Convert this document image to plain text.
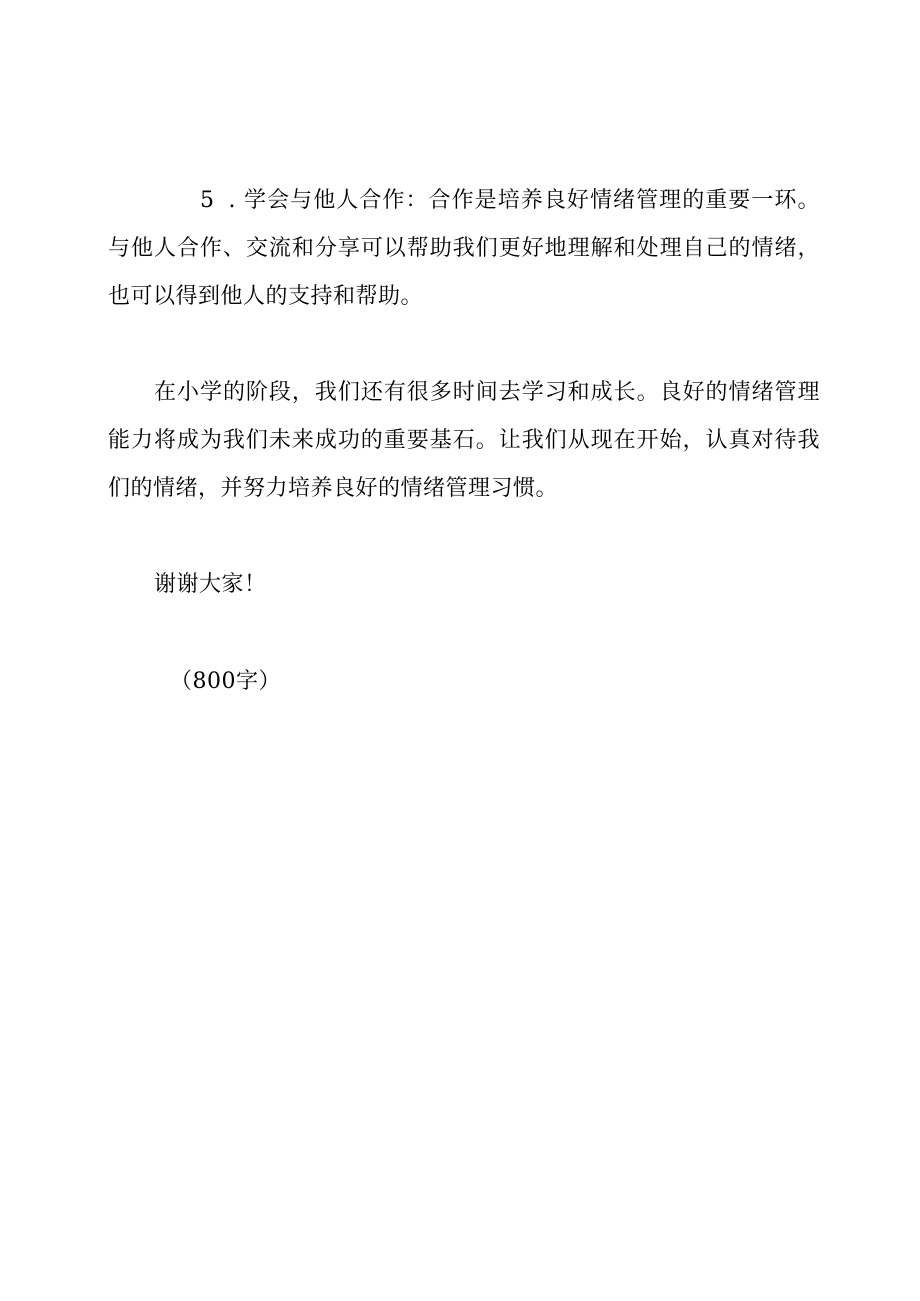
5 . 学会与他人合作：合作是培养良好情绪管理的重要一环。与他人合作、交流和分享可以帮助我们更好地理解和处理自己的情绪，也可以得到他人的支持和帮助。

在小学的阶段，我们还有很多时间去学习和成长。良好的情绪管理能力将成为我们未来成功的重要基石。让我们从现在开始，认真对待我们的情绪，并努力培养良好的情绪管理习惯。

谢谢大家！

（800字）
